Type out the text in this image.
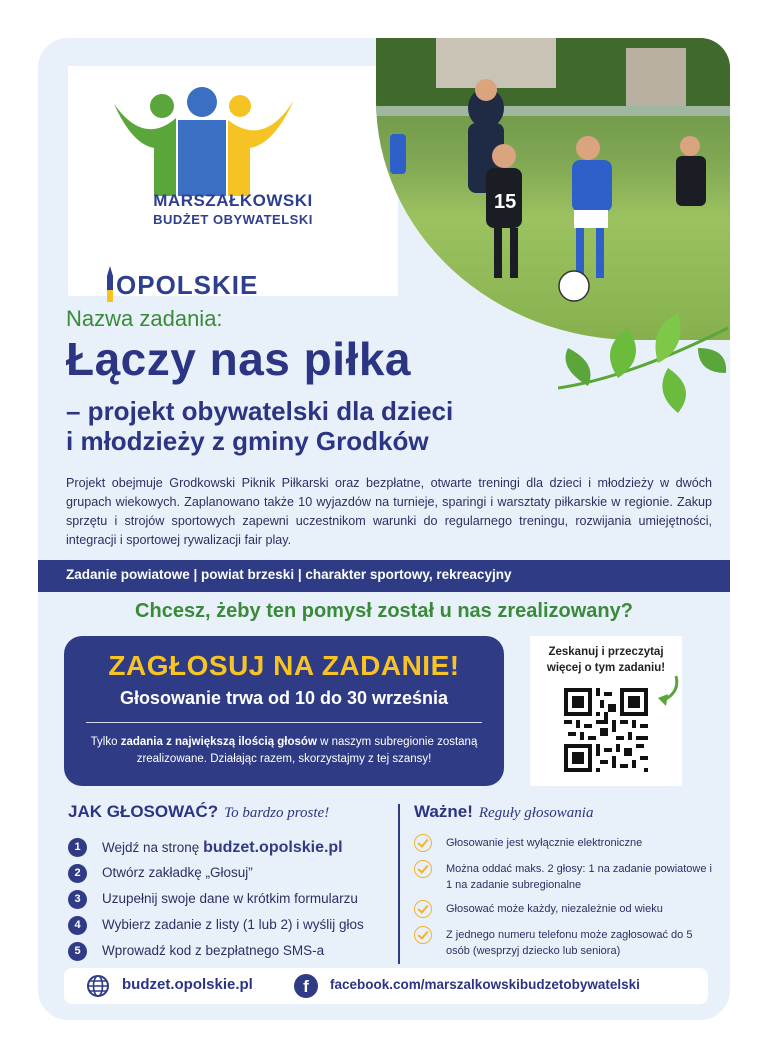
MARSZAŁKOWSKI
BUDŻET OBYWATELSKI
OPOLSKIE
15
Nazwa zadania:
Łączy nas piłka
– projekt obywatelski dla dzieci
i młodzieży z gminy Grodków
Projekt obejmuje Grodkowski Piknik Piłkarski oraz bezpłatne, otwarte treningi dla dzieci i młodzieży w dwóch grupach wiekowych. Zaplanowano także 10 wyjazdów na turnieje, sparingi i warsztaty piłkarskie w regionie. Zakup sprzętu i strojów sportowych zapewni uczestnikom warunki do regularnego treningu, rozwijania umiejętności, integracji i sportowej rywalizacji fair play.
Zadanie powiatowe | powiat brzeski | charakter sportowy, rekreacyjny
Chcesz, żeby ten pomysł został u nas zrealizowany?
ZAGŁOSUJ NA ZADANIE!
Głosowanie trwa od 10 do 30 września
Tylko zadania z największą ilością głosów w naszym subregionie zostaną zrealizowane. Działając razem, skorzystajmy z tej szansy!
Zeskanuj i przeczytaj
więcej o tym zadaniu!
JAK GŁOSOWAĆ? To bardzo proste!
1	Wejdź na stronę budzet.opolskie.pl
2	Otwórz zakładkę „Głosuj”
3	Uzupełnij swoje dane w krótkim formularzu
4	Wybierz zadanie z listy (1 lub 2) i wyślij głos
5	Wprowadź kod z bezpłatnego SMS-a
Ważne! Reguły głosowania
Głosowanie jest wyłącznie elektroniczne
Można oddać maks. 2 głosy: 1 na zadanie powiatowe i 1 na zadanie subregionalne
Głosować może każdy, niezależnie od wieku
Z jednego numeru telefonu może zagłosować do 5 osób (wesprzyj dziecko lub seniora)
budzet.opolskie.pl	f	facebook.com/marszalkowskibudzetobywatelski
